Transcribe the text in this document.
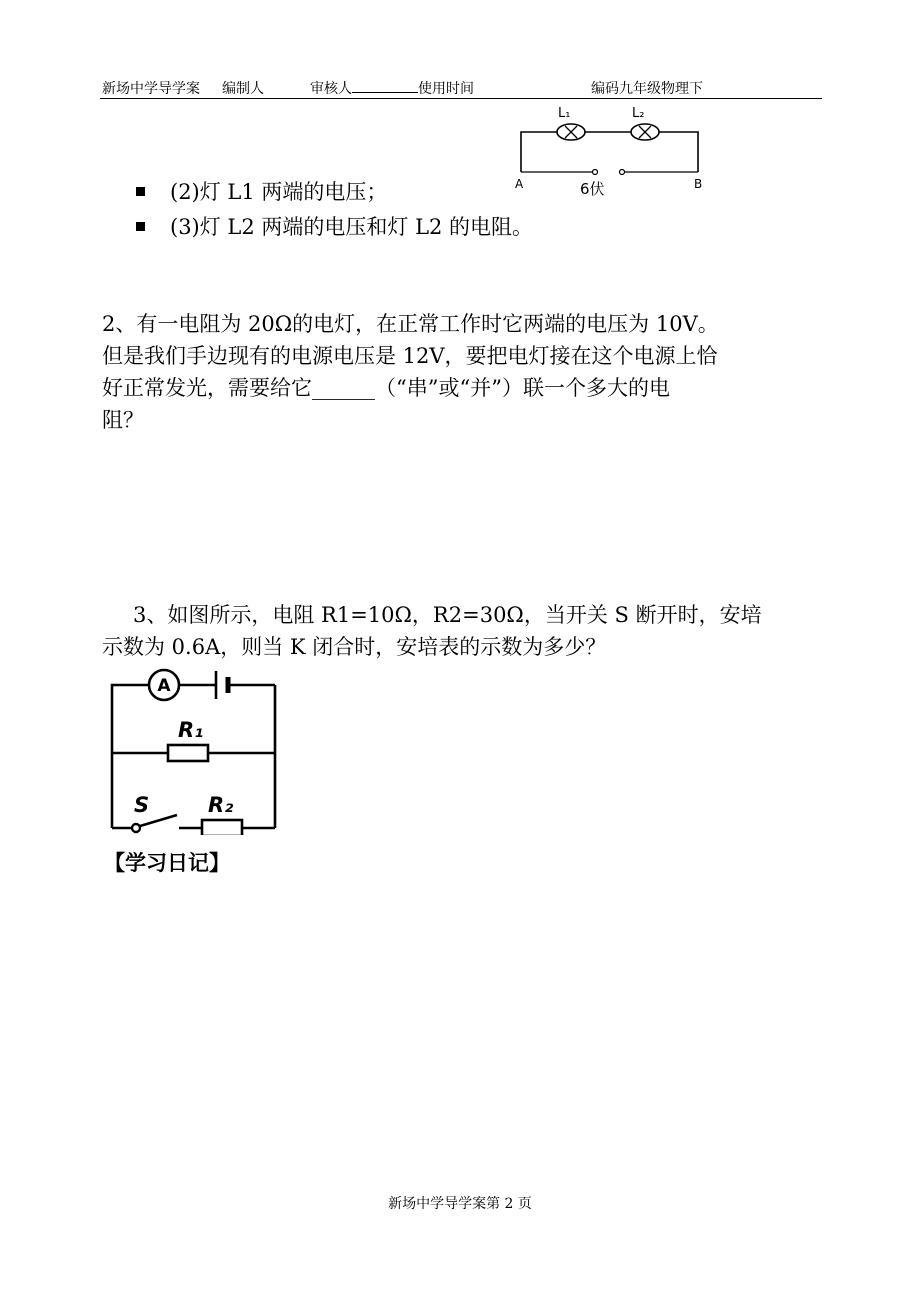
新场中学导学案 编制人	审核人	使用时间	编码九年级物理下
L₁	L₂
A	6伏	B
(2)灯 L1 两端的电压；
(3)灯 L2 两端的电压和灯 L2 的电阻。
2、有一电阻为 20Ω的电灯，在正常工作时它两端的电压为 10V。
但是我们手边现有的电源电压是 12V，要把电灯接在这个电源上恰
好正常发光，需要给它______（“串”或“并”）联一个多大的电
阻？
3、如图所示，电阻 R1=10Ω，R2=30Ω，当开关 S 断开时，安培
示数为 0.6A，则当 K 闭合时，安培表的示数为多少？
A
R₁
S	R₂
【学习日记】
新场中学导学案第 2 页
